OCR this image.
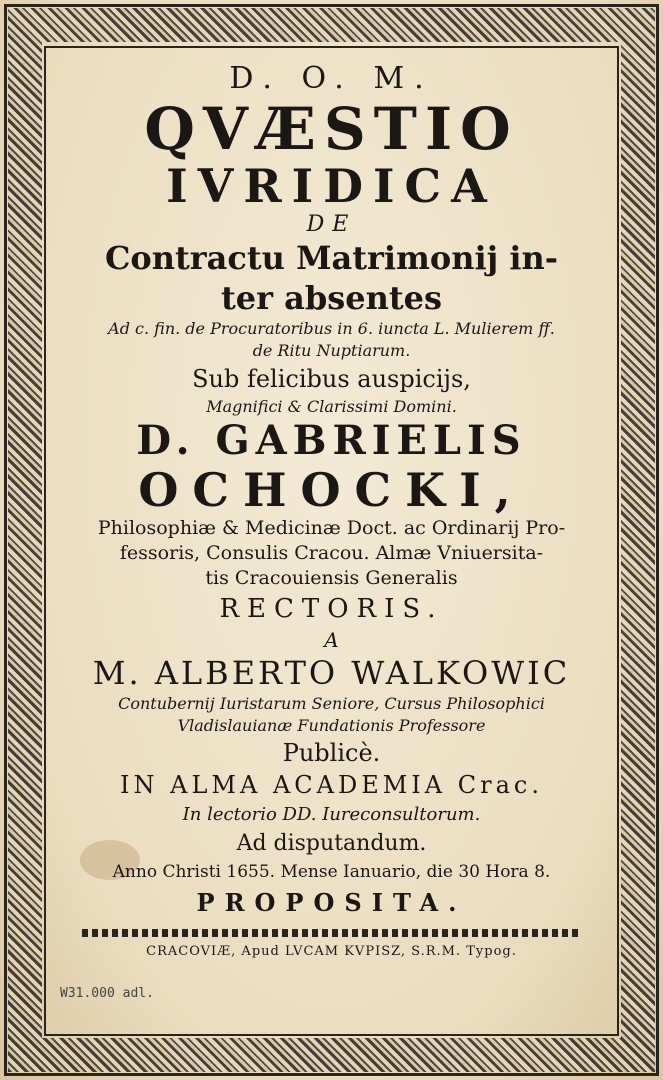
D. O. M.

QVÆSTIO

IVRIDICA

DE

Contractu Matrimonij in-

ter absentes

Ad c. fin. de Procuratoribus in 6. iuncta L. Mulierem ff.

de Ritu Nuptiarum.

Sub felicibus auspicijs,

Magnifici & Clarissimi Domini.

D. GABRIELIS

OCHOCKI,

Philosophiæ & Medicinæ Doct. ac Ordinarij Pro-

fessoris, Consulis Cracou. Almæ Vniuersita-

tis Cracouiensis Generalis

RECTORIS.

A

M. ALBERTO WALKOWIC

Contubernij Iuristarum Seniore, Cursus Philosophici

Vladislauianæ Fundationis Professore

Publicè.

IN ALMA ACADEMIA Crac.

In lectorio DD. Iureconsultorum.

Ad disputandum.

Anno Christi 1655. Mense Ianuario, die 30 Hora 8.

PROPOSITA.

CRACOVIÆ, Apud LVCAM KVPISZ, S.R.M. Typog.

W31.000 adl.
